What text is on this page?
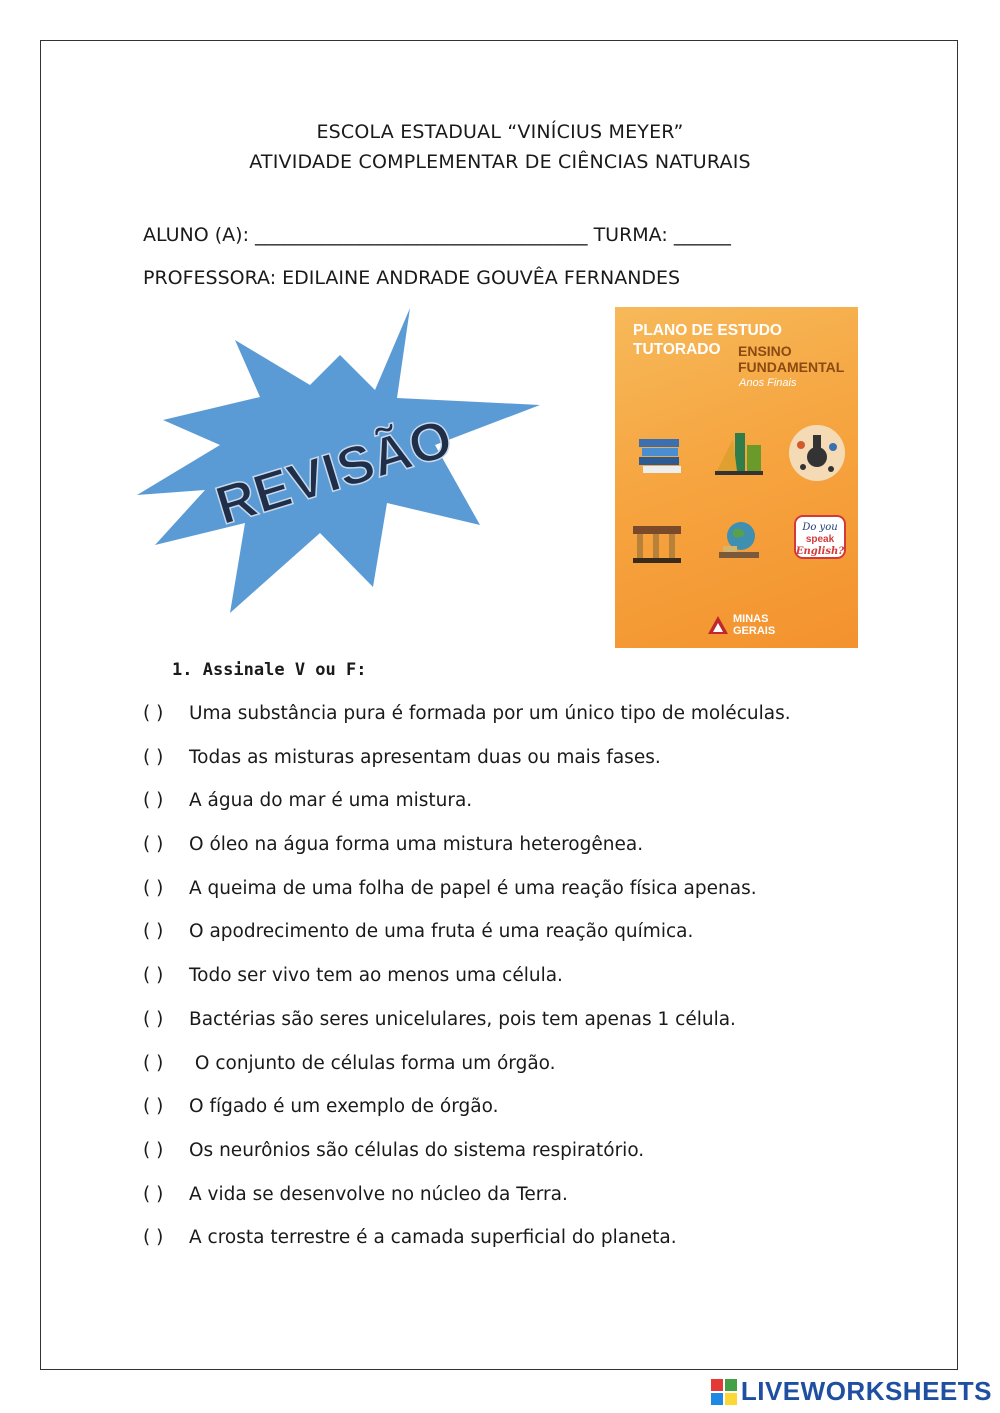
ESCOLA ESTADUAL “VINÍCIUS MEYER”
ATIVIDADE COMPLEMENTAR DE CIÊNCIAS NATURAIS
ALUNO (A): ___________________________________ TURMA: ______
PROFESSORA: EDILAINE ANDRADE GOUVÊA FERNANDES
REVISÃO
PLANO DE ESTUDO
TUTORADO	ENSINO
FUNDAMENTAL
Anos Finais
Do you
speak
English?
MINAS
GERAIS
1. Assinale V ou F:
( )	Uma substância pura é formada por um único tipo de moléculas.
( )	Todas as misturas apresentam duas ou mais fases.
( )	A água do mar é uma mistura.
( )	O óleo na água forma uma mistura heterogênea.
( )	A queima de uma folha de papel é uma reação física apenas.
( )	O apodrecimento de uma fruta é uma reação química.
( )	Todo ser vivo tem ao menos uma célula.
( )	Bactérias são seres unicelulares, pois tem apenas 1 célula.
( )	O conjunto de células forma um órgão.
( )	O fígado é um exemplo de órgão.
( )	Os neurônios são células do sistema respiratório.
( )	A vida se desenvolve no núcleo da Terra.
( )	A crosta terrestre é a camada superficial do planeta.
LIVEWORKSHEETS
